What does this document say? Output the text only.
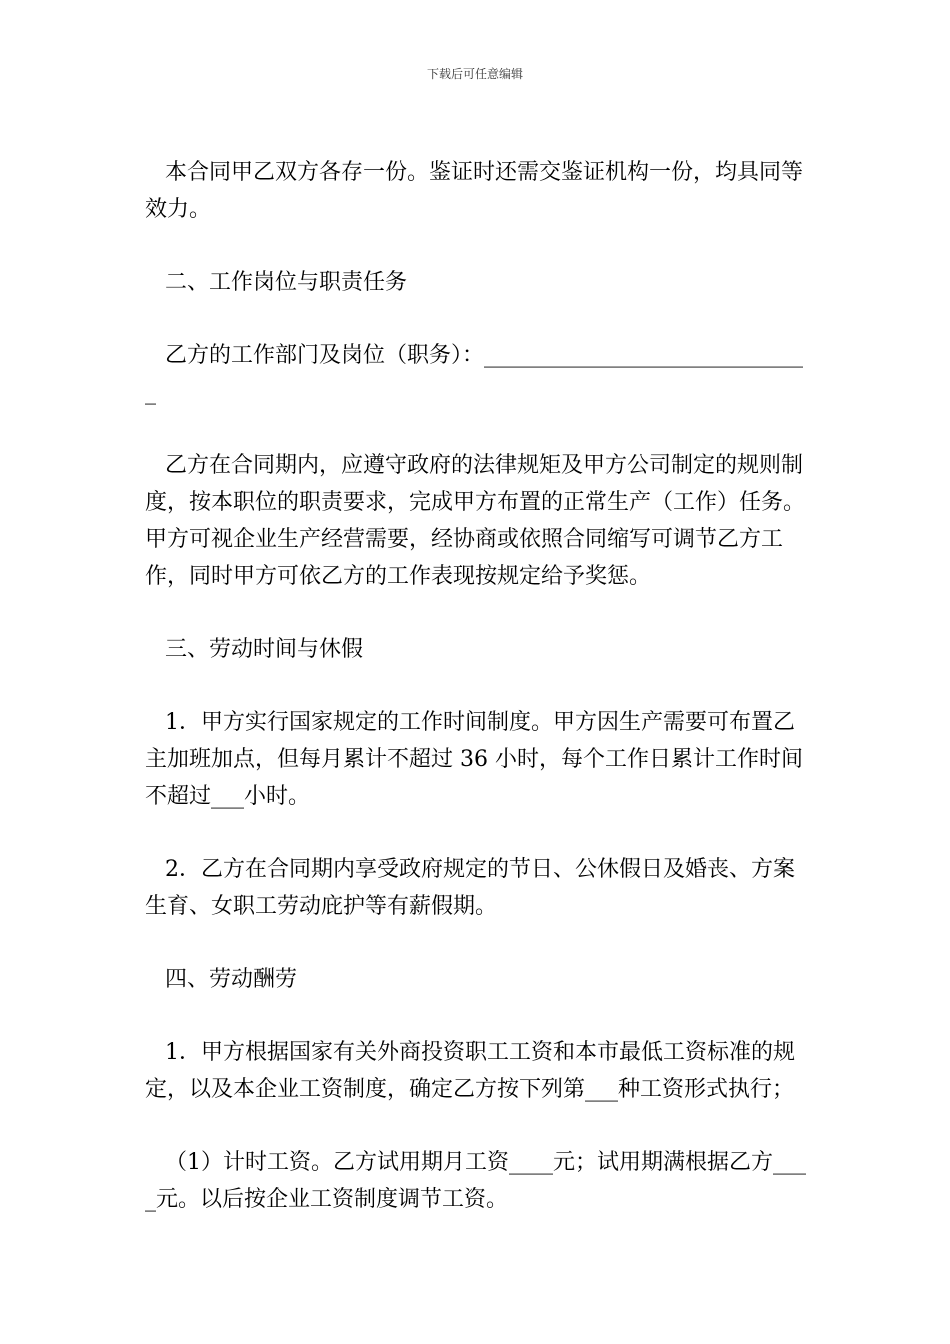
下载后可任意编辑

本合同甲乙双方各存一份。鉴证时还需交鉴证机构一份，均具同等效力。

二、工作岗位与职责任务

乙方的工作部门及岗位（职务）：______________________________

乙方在合同期内，应遵守政府的法律规矩及甲方公司制定的规则制度，按本职位的职责要求，完成甲方布置的正常生产（工作）任务。甲方可视企业生产经营需要，经协商或依照合同缩写可调节乙方工作，同时甲方可依乙方的工作表现按规定给予奖惩。

三、劳动时间与休假

1．甲方实行国家规定的工作时间制度。甲方因生产需要可布置乙主加班加点，但每月累计不超过 36 小时，每个工作日累计工作时间不超过___小时。

2．乙方在合同期内享受政府规定的节日、公休假日及婚丧、方案生育、女职工劳动庇护等有薪假期。

四、劳动酬劳

1．甲方根据国家有关外商投资职工工资和本市最低工资标准的规定，以及本企业工资制度，确定乙方按下列第___种工资形式执行；

（1）计时工资。乙方试用期月工资____元；试用期满根据乙方____元。以后按企业工资制度调节工资。
